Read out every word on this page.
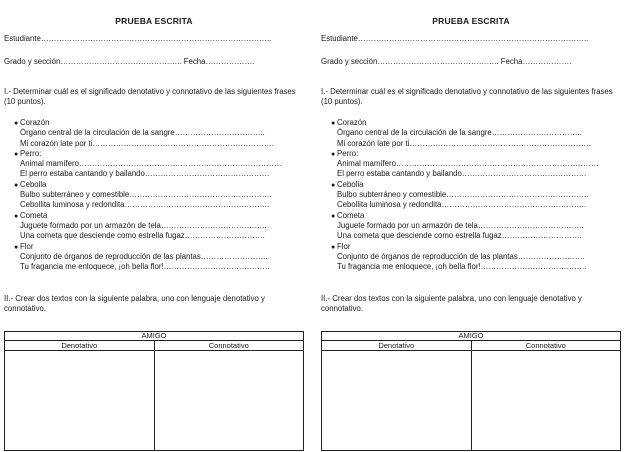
PRUEBA ESCRITA
Estudiante……………………………………………………………………………..
Grado y sección……………………………………….. Fecha……………….
I.- Determinar cuál es el significado denotativo y connotativo de las siguientes frases (10 puntos).
● Corazón
Órgano central de la circulación de la sangre……………………………..
Mi corazón late por ti…………………………………………………………….
● Perro:
Animal mamífero……………………………………………………………………
El perro estaba cantando y bailando…………………………………………
● Cebolla
Bulbo subterráneo y comestible……………………………………………….
Cebollita luminosa y redondita………………………………………………..
● Cometa
Juguete formado por un armazón de tela…………………………………..
Una cometa que desciende como estrella fugaz………………………….
● Flor
Conjunto de órganos de reproducción de las plantas……………………..
Tu fragancia me enloquece, ¡oh bella flor!…………………………………..
II.- Crear dos textos con la siguiente palabra, uno con lenguaje denotativo y connotativo.
AMIGO
Denotativo	Connotativo
PRUEBA ESCRITA
Estudiante……………………………………………………………………………..
Grado y sección……………………………………….. Fecha……………….
I.- Determinar cuál es el significado denotativo y connotativo de las siguientes frases (10 puntos).
● Corazón
Órgano central de la circulación de la sangre……………………………..
Mi corazón late por ti…………………………………………………………….
● Perro:
Animal mamífero……………………………………………………………………
El perro estaba cantando y bailando…………………………………………
● Cebolla
Bulbo subterráneo y comestible……………………………………………….
Cebollita luminosa y redondita………………………………………………..
● Cometa
Juguete formado por un armazón de tela…………………………………..
Una cometa que desciende como estrella fugaz………………………….
● Flor
Conjunto de órganos de reproducción de las plantas……………………..
Tu fragancia me enloquece, ¡oh bella flor!…………………………………..
II.- Crear dos textos con la siguiente palabra, uno con lenguaje denotativo y connotativo.
AMIGO
Denotativo	Connotativo
